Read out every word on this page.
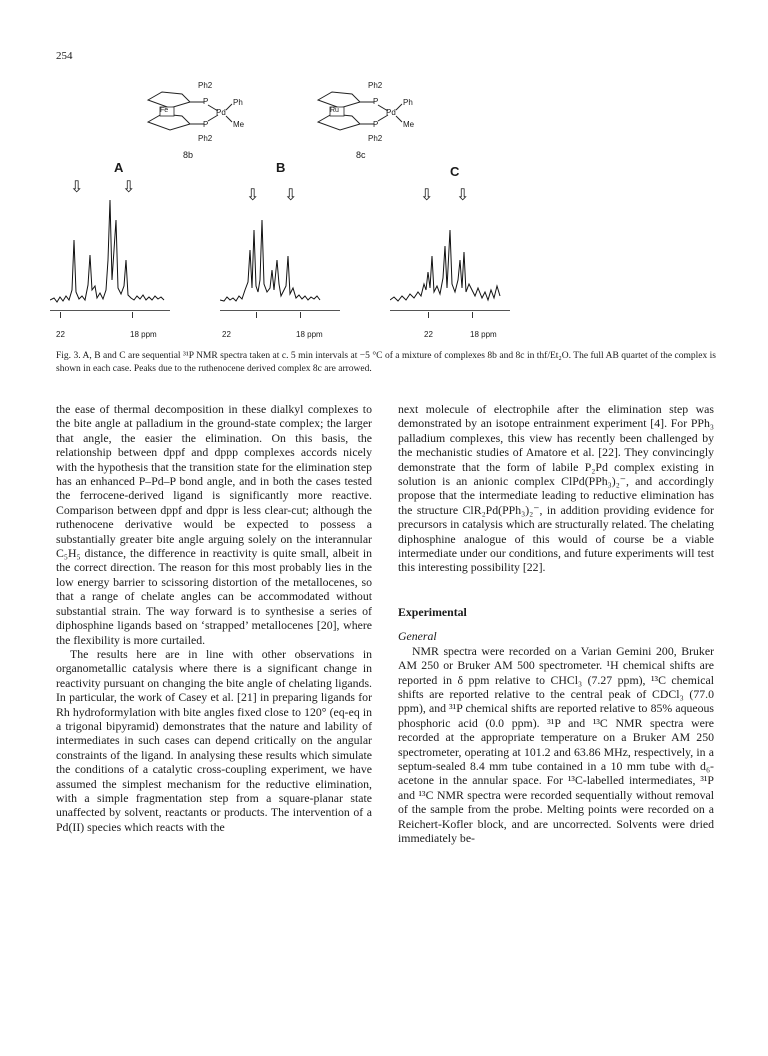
254
Fe
Ph2
P
Pd
P
Ph2
Ph
Me
8b
Ru
Ph2
P
Pd
P
Ph2
Ph
Me
8c
A
⇩ ⇩
22	18 ppm
B
⇩ ⇩
22	18 ppm
C
⇩ ⇩
22	18 ppm
Fig. 3. A, B and C are sequential ³¹P NMR spectra taken at c. 5 min intervals at −5 °C of a mixture of complexes 8b and 8c in thf/Et₂O. The full AB quartet of the complex is shown in each case. Peaks due to the ruthenocene derived complex 8c are arrowed.

the ease of thermal decomposition in these dialkyl complexes to the bite angle at palladium in the ground-state complex; the larger that angle, the easier the elimination. On this basis, the relationship between dppf and dppp complexes accords nicely with the hypothesis that the transition state for the elimination step has an enhanced P–Pd–P bond angle, and in both the cases tested the ferrocene-derived ligand is significantly more reactive. Comparison between dppf and dppr is less clear-cut; although the ruthenocene derivative would be expected to possess a substantially greater bite angle arguing solely on the interannular C₅H₅ distance, the difference in reactivity is quite small, albeit in the correct direction. The reason for this most probably lies in the low energy barrier to scissoring distortion of the metallocenes, so that a range of chelate angles can be accommodated without substantial strain. The way forward is to synthesise a series of diphosphine ligands based on ‘strapped’ metallocenes [20], where the flexibility is more curtailed.

The results here are in line with other observations in organometallic catalysis where there is a significant change in reactivity pursuant on changing the bite angle of chelating ligands. In particular, the work of Casey et al. [21] in preparing ligands for Rh hydroformylation with bite angles fixed close to 120° (eq-eq in a trigonal bipyramid) demonstrates that the nature and lability of intermediates in such cases can depend critically on the angular constraints of the ligand. In analysing these results which simulate the conditions of a catalytic cross-coupling experiment, we have assumed the simplest mechanism for the reductive elimination, with a simple fragmentation step from a square-planar state unaffected by solvent, reactants or products. The intervention of a Pd(II) species which reacts with the

next molecule of electrophile after the elimination step was demonstrated by an isotope entrainment experiment [4]. For PPh₃ palladium complexes, this view has recently been challenged by the mechanistic studies of Amatore et al. [22]. They convincingly demonstrate that the form of labile P₂Pd complex existing in solution is an anionic complex ClPd(PPh₃)₂⁻, and accordingly propose that the intermediate leading to reductive elimination has the structure ClR₂Pd(PPh₃)₂⁻, in addition providing evidence for precursors in catalysis which are structurally related. The chelating diphosphine analogue of this would of course be a viable intermediate under our conditions, and future experiments will test this interesting possibility [22].

Experimental

General

NMR spectra were recorded on a Varian Gemini 200, Bruker AM 250 or Bruker AM 500 spectrometer. ¹H chemical shifts are reported in δ ppm relative to CHCl₃ (7.27 ppm), ¹³C chemical shifts are reported relative to the central peak of CDCl₃ (77.0 ppm), and ³¹P chemical shifts are reported relative to 85% aqueous phosphoric acid (0.0 ppm). ³¹P and ¹³C NMR spectra were recorded at the appropriate temperature on a Bruker AM 250 spectrometer, operating at 101.2 and 63.86 MHz, respectively, in a septum-sealed 8.4 mm tube contained in a 10 mm tube with d₆-acetone in the annular space. For ¹³C-labelled intermediates, ³¹P and ¹³C NMR spectra were recorded sequentially without removal of the sample from the probe. Melting points were recorded on a Reichert-Kofler block, and are uncorrected. Solvents were dried immediately be-
